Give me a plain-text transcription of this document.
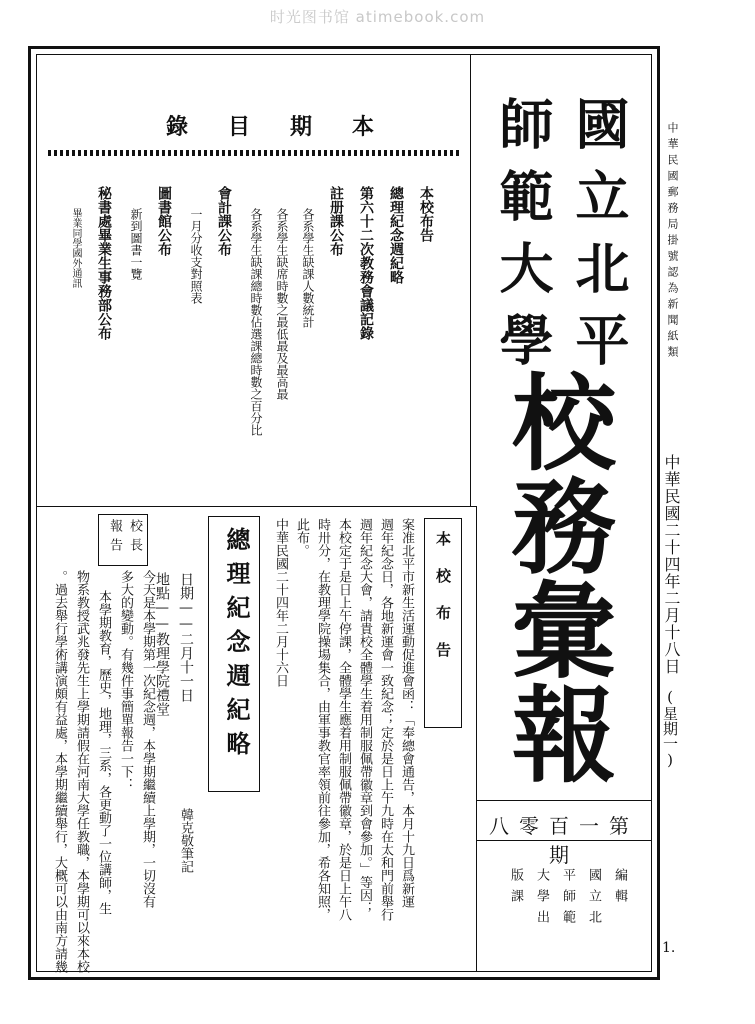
时光图书馆 atimebook.com
中華民國郵務局掛號認為新聞紙類
國立北平
師範大學
校
務
彙
報
中華民國二十四年二月十八日
(星期一)
第一百零八期
編輯
國立北
平師範
大學出
版課
1.
本期目錄
本校布告
總理紀念週紀略
第六十二次教務會議記錄
註册課公布
各系學生缺課人數統計
各系學生缺席時數之最低最及最高最
各系學生缺課總時數佔選課總時數之百分比
會計課公布
一月分收支對照表
圖書館公布
新到圖書一覽
秘書處畢業生事務部公布
畢業同學國外通訊
本校布告
案准北平市新生活運動促進會函：「奉總會通告，本月十九日爲新運
週年紀念日，各地新運會一致紀念；定於是日上午九時在太和門前舉行
週年紀念大會，請貴校全體學生着用制服佩帶徽章到會參加。」等因；
本校定于是日上午停課，全體學生應着用制服佩帶徽章，於是日上午八
時卅分，在教理學院操場集合，由軍事教官率領前往參加，希各知照，
此布。
中華民國二十四年二月十六日
總理紀念週紀略
日期——二月十一日
地點——教理學院禮堂
韓克敬筆記
校長
報告
今天是本學期第一次紀念週，本學期繼續上學期，一切沒有
多大的變動。有幾件事簡單報告一下：
本學期教育，歷史，地理，三系，各更動了一位講師，生
物系教授武兆發先生上學期請假在河南大學任教職，本學期可以來本校
。過去舉行學術講演頗有益處，本學期繼續舉行，大概可以由南方請幾
